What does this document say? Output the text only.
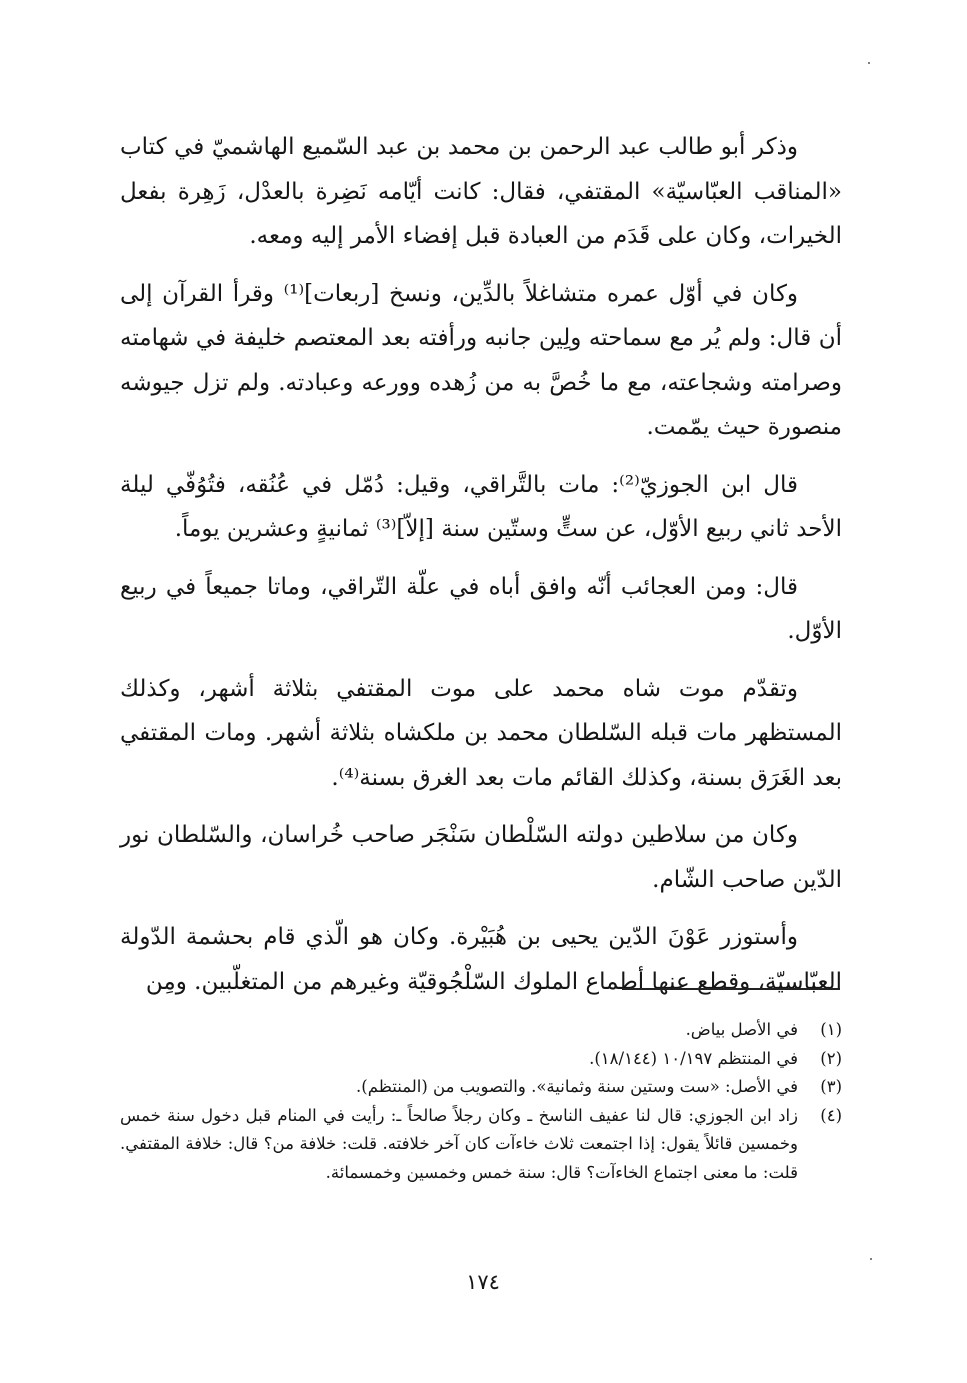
وذكر أبو طالب عبد الرحمن بن محمد بن عبد السّميع الهاشميّ في كتاب «المناقب العبّاسيّة» المقتفي، فقال: كانت أيّامه نَضِرة بالعدْل، زَهِرة بفعل الخيرات، وكان على قَدَم من العبادة قبل إفضاء الأمر إليه ومعه.

وكان في أوّل عمره متشاغلاً بالدِّين، ونسخ [ربعات]⁽¹⁾ وقرأ القرآن إلى أن قال: ولم يُر مع سماحته ولِين جانبه ورأفته بعد المعتصم خليفة في شهامته وصرامته وشجاعته، مع ما خُصَّ به من زُهده وورعه وعبادته. ولم تزل جيوشه منصورة حيث يمّمت.

قال ابن الجوزيّ⁽²⁾: مات بالتَّراقي، وقيل: دُمّل في عُنُقه، فتُوُفّي ليلة الأحد ثاني ربيع الأوّل، عن ستٍّ وستّين سنة [إلاّ]⁽³⁾ ثمانيةٍ وعشرين يوماً.

قال: ومن العجائب أنّه وافق أباه في علّة التّراقي، وماتا جميعاً في ربيع الأوّل.

وتقدّم موت شاه محمد على موت المقتفي بثلاثة أشهر، وكذلك المستظهر مات قبله السّلطان محمد بن ملكشاه بثلاثة أشهر. ومات المقتفي بعد الغَرَق بسنة، وكذلك القائم مات بعد الغرق بسنة⁽⁴⁾.

وكان من سلاطين دولته السّلْطان سَنْجَر صاحب خُراسان، والسّلطان نور الدّين صاحب الشّام.

وأستوزر عَوْنَ الدّين يحيى بن هُبَيْرة. وكان هو الّذي قام بحشمة الدّولة العبّاسيّة، وقطع عنها أطماع الملوك السّلْجُوقيّة وغيرهم من المتغلّبين. ومِن

(١)
في الأصل بياض.
(٢)
في المنتظم ١٠/١٩٧ (١٨/١٤٤).
(٣)
في الأصل: «ست وستين سنة وثمانية». والتصويب من (المنتظم).
(٤)
زاد ابن الجوزي: قال لنا عفيف الناسخ ـ وكان رجلاً صالحاً ـ: رأيت في المنام قبل دخول سنة خمس وخمسين قائلاً يقول: إذا اجتمعت ثلاث خاءآت كان آخر خلافته. قلت: خلافة من؟ قال: خلافة المقتفي. قلت: ما معنى اجتماع الخاءآت؟ قال: سنة خمس وخمسين وخمسمائة.
١٧٤
